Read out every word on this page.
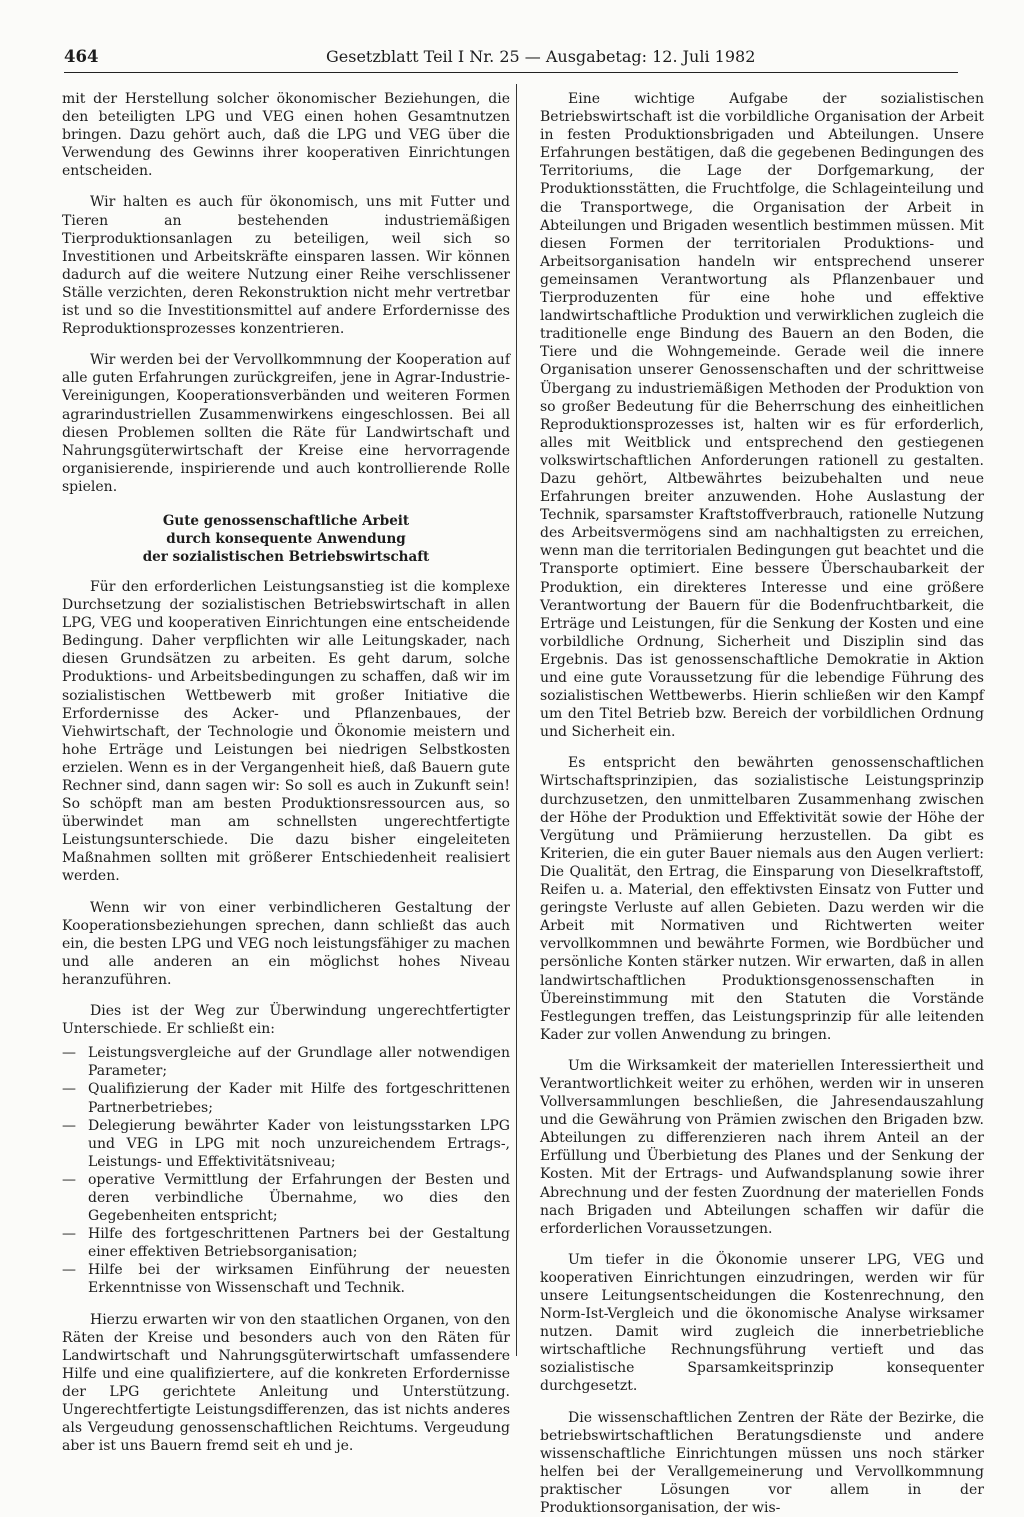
464	Gesetzblatt Teil I Nr. 25 — Ausgabetag: 12. Juli 1982

mit der Herstellung solcher ökonomischer Beziehungen, die den beteiligten LPG und VEG einen hohen Gesamtnutzen bringen. Dazu gehört auch, daß die LPG und VEG über die Verwendung des Gewinns ihrer kooperativen Einrichtungen entscheiden.

Wir halten es auch für ökonomisch, uns mit Futter und Tieren an bestehenden industriemäßigen Tierproduktionsanlagen zu beteiligen, weil sich so Investitionen und Arbeitskräfte einsparen lassen. Wir können dadurch auf die weitere Nutzung einer Reihe verschlissener Ställe verzichten, deren Rekonstruktion nicht mehr vertretbar ist und so die Investitionsmittel auf andere Erfordernisse des Reproduktionsprozesses konzentrieren.

Wir werden bei der Vervollkommnung der Kooperation auf alle guten Erfahrungen zurückgreifen, jene in Agrar-Industrie-Vereinigungen, Kooperationsverbänden und weiteren Formen agrarindustriellen Zusammenwirkens eingeschlossen. Bei all diesen Problemen sollten die Räte für Landwirtschaft und Nahrungsgüterwirtschaft der Kreise eine hervorragende organisierende, inspirierende und auch kontrollierende Rolle spielen.

Gute genossenschaftliche Arbeit
durch konsequente Anwendung
der sozialistischen Betriebswirtschaft

Für den erforderlichen Leistungsanstieg ist die komplexe Durchsetzung der sozialistischen Betriebswirtschaft in allen LPG, VEG und kooperativen Einrichtungen eine entscheidende Bedingung. Daher verpflichten wir alle Leitungskader, nach diesen Grundsätzen zu arbeiten. Es geht darum, solche Produktions- und Arbeitsbedingungen zu schaffen, daß wir im sozialistischen Wettbewerb mit großer Initiative die Erfordernisse des Acker- und Pflanzenbaues, der Viehwirtschaft, der Technologie und Ökonomie meistern und hohe Erträge und Leistungen bei niedrigen Selbstkosten erzielen. Wenn es in der Vergangenheit hieß, daß Bauern gute Rechner sind, dann sagen wir: So soll es auch in Zukunft sein! So schöpft man am besten Produktionsressourcen aus, so überwindet man am schnellsten ungerechtfertigte Leistungsunterschiede. Die dazu bisher eingeleiteten Maßnahmen sollten mit größerer Entschiedenheit realisiert werden.

Wenn wir von einer verbindlicheren Gestaltung der Kooperationsbeziehungen sprechen, dann schließt das auch ein, die besten LPG und VEG noch leistungsfähiger zu machen und alle anderen an ein möglichst hohes Niveau heranzuführen.

Dies ist der Weg zur Überwindung ungerechtfertigter Unterschiede. Er schließt ein:

— Leistungsvergleiche auf der Grundlage aller notwendigen Parameter;
— Qualifizierung der Kader mit Hilfe des fortgeschrittenen Partnerbetriebes;
— Delegierung bewährter Kader von leistungsstarken LPG und VEG in LPG mit noch unzureichendem Ertrags-, Leistungs- und Effektivitätsniveau;
— operative Vermittlung der Erfahrungen der Besten und deren verbindliche Übernahme, wo dies den Gegebenheiten entspricht;
— Hilfe des fortgeschrittenen Partners bei der Gestaltung einer effektiven Betriebsorganisation;
— Hilfe bei der wirksamen Einführung der neuesten Erkenntnisse von Wissenschaft und Technik.

Hierzu erwarten wir von den staatlichen Organen, von den Räten der Kreise und besonders auch von den Räten für Landwirtschaft und Nahrungsgüterwirtschaft umfassendere Hilfe und eine qualifiziertere, auf die konkreten Erfordernisse der LPG gerichtete Anleitung und Unterstützung. Ungerechtfertigte Leistungsdifferenzen, das ist nichts anderes als Vergeudung genossenschaftlichen Reichtums. Vergeudung aber ist uns Bauern fremd seit eh und je.

Eine wichtige Aufgabe der sozialistischen Betriebswirtschaft ist die vorbildliche Organisation der Arbeit in festen Produktionsbrigaden und Abteilungen. Unsere Erfahrungen bestätigen, daß die gegebenen Bedingungen des Territoriums, die Lage der Dorfgemarkung, der Produktionsstätten, die Fruchtfolge, die Schlageinteilung und die Transportwege, die Organisation der Arbeit in Abteilungen und Brigaden wesentlich bestimmen müssen. Mit diesen Formen der territorialen Produktions- und Arbeitsorganisation handeln wir entsprechend unserer gemeinsamen Verantwortung als Pflanzenbauer und Tierproduzenten für eine hohe und effektive landwirtschaftliche Produktion und verwirklichen zugleich die traditionelle enge Bindung des Bauern an den Boden, die Tiere und die Wohngemeinde. Gerade weil die innere Organisation unserer Genossenschaften und der schrittweise Übergang zu industriemäßigen Methoden der Produktion von so großer Bedeutung für die Beherrschung des einheitlichen Reproduktionsprozesses ist, halten wir es für erforderlich, alles mit Weitblick und entsprechend den gestiegenen volkswirtschaftlichen Anforderungen rationell zu gestalten. Dazu gehört, Altbewährtes beizubehalten und neue Erfahrungen breiter anzuwenden. Hohe Auslastung der Technik, sparsamster Kraftstoffverbrauch, rationelle Nutzung des Arbeitsvermögens sind am nachhaltigsten zu erreichen, wenn man die territorialen Bedingungen gut beachtet und die Transporte optimiert. Eine bessere Überschaubarkeit der Produktion, ein direkteres Interesse und eine größere Verantwortung der Bauern für die Bodenfruchtbarkeit, die Erträge und Leistungen, für die Senkung der Kosten und eine vorbildliche Ordnung, Sicherheit und Disziplin sind das Ergebnis. Das ist genossenschaftliche Demokratie in Aktion und eine gute Voraussetzung für die lebendige Führung des sozialistischen Wettbewerbs. Hierin schließen wir den Kampf um den Titel Betrieb bzw. Bereich der vorbildlichen Ordnung und Sicherheit ein.

Es entspricht den bewährten genossenschaftlichen Wirtschaftsprinzipien, das sozialistische Leistungsprinzip durchzusetzen, den unmittelbaren Zusammenhang zwischen der Höhe der Produktion und Effektivität sowie der Höhe der Vergütung und Prämiierung herzustellen. Da gibt es Kriterien, die ein guter Bauer niemals aus den Augen verliert: Die Qualität, den Ertrag, die Einsparung von Dieselkraftstoff, Reifen u. a. Material, den effektivsten Einsatz von Futter und geringste Verluste auf allen Gebieten. Dazu werden wir die Arbeit mit Normativen und Richtwerten weiter vervollkommnen und bewährte Formen, wie Bordbücher und persönliche Konten stärker nutzen. Wir erwarten, daß in allen landwirtschaftlichen Produktionsgenossenschaften in Übereinstimmung mit den Statuten die Vorstände Festlegungen treffen, das Leistungsprinzip für alle leitenden Kader zur vollen Anwendung zu bringen.

Um die Wirksamkeit der materiellen Interessiertheit und Verantwortlichkeit weiter zu erhöhen, werden wir in unseren Vollversammlungen beschließen, die Jahresendauszahlung und die Gewährung von Prämien zwischen den Brigaden bzw. Abteilungen zu differenzieren nach ihrem Anteil an der Erfüllung und Überbietung des Planes und der Senkung der Kosten. Mit der Ertrags- und Aufwandsplanung sowie ihrer Abrechnung und der festen Zuordnung der materiellen Fonds nach Brigaden und Abteilungen schaffen wir dafür die erforderlichen Voraussetzungen.

Um tiefer in die Ökonomie unserer LPG, VEG und kooperativen Einrichtungen einzudringen, werden wir für unsere Leitungsentscheidungen die Kostenrechnung, den Norm-Ist-Vergleich und die ökonomische Analyse wirksamer nutzen. Damit wird zugleich die innerbetriebliche wirtschaftliche Rechnungsführung vertieft und das sozialistische Sparsamkeitsprinzip konsequenter durchgesetzt.

Die wissenschaftlichen Zentren der Räte der Bezirke, die betriebswirtschaftlichen Beratungsdienste und andere wissenschaftliche Einrichtungen müssen uns noch stärker helfen bei der Verallgemeinerung und Vervollkommnung praktischer Lösungen vor allem in der Produktionsorganisation, der wis-
